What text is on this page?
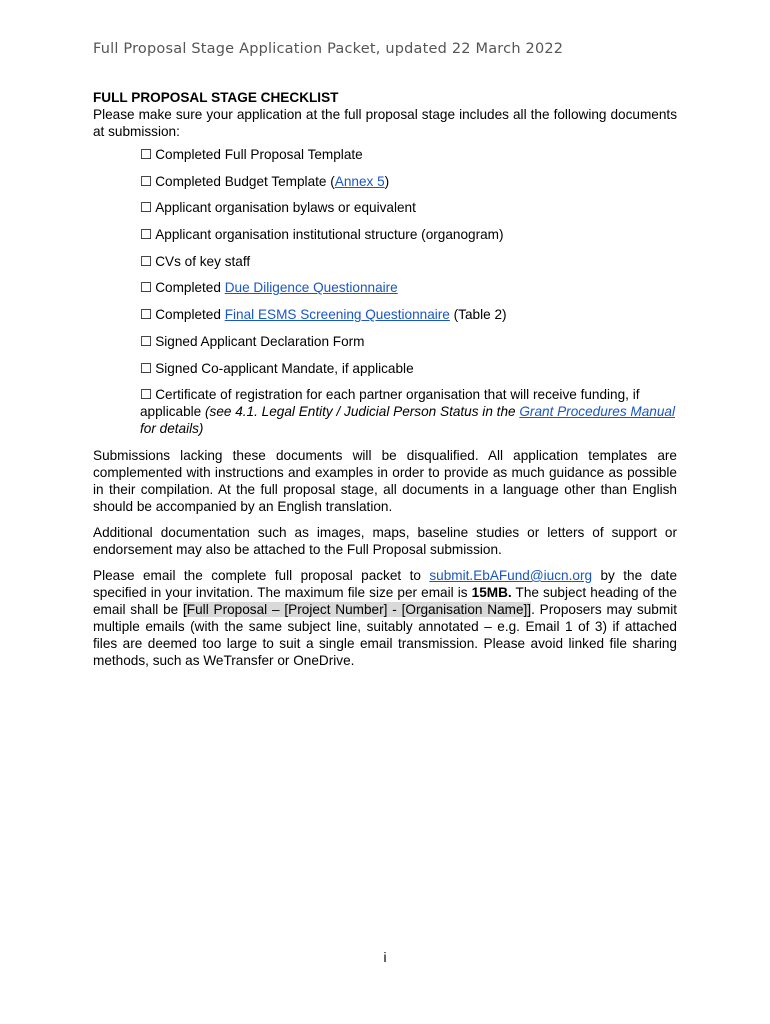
Full Proposal Stage Application Packet, updated 22 March 2022

FULL PROPOSAL STAGE CHECKLIST

Please make sure your application at the full proposal stage includes all the following documents at submission:

☐ Completed Full Proposal Template
☐ Completed Budget Template (Annex 5)
☐ Applicant organisation bylaws or equivalent
☐ Applicant organisation institutional structure (organogram)
☐ CVs of key staff
☐ Completed Due Diligence Questionnaire
☐ Completed Final ESMS Screening Questionnaire (Table 2)
☐ Signed Applicant Declaration Form
☐ Signed Co-applicant Mandate, if applicable
☐ Certificate of registration for each partner organisation that will receive funding, if applicable (see 4.1. Legal Entity / Judicial Person Status in the Grant Procedures Manual for details)

Submissions lacking these documents will be disqualified. All application templates are complemented with instructions and examples in order to provide as much guidance as possible in their compilation. At the full proposal stage, all documents in a language other than English should be accompanied by an English translation.

Additional documentation such as images, maps, baseline studies or letters of support or endorsement may also be attached to the Full Proposal submission.

Please email the complete full proposal packet to submit.EbAFund@iucn.org by the date specified in your invitation. The maximum file size per email is 15MB. The subject heading of the email shall be [Full Proposal – [Project Number] - [Organisation Name]]. Proposers may submit multiple emails (with the same subject line, suitably annotated – e.g. Email 1 of 3) if attached files are deemed too large to suit a single email transmission. Please avoid linked file sharing methods, such as WeTransfer or OneDrive.

i
